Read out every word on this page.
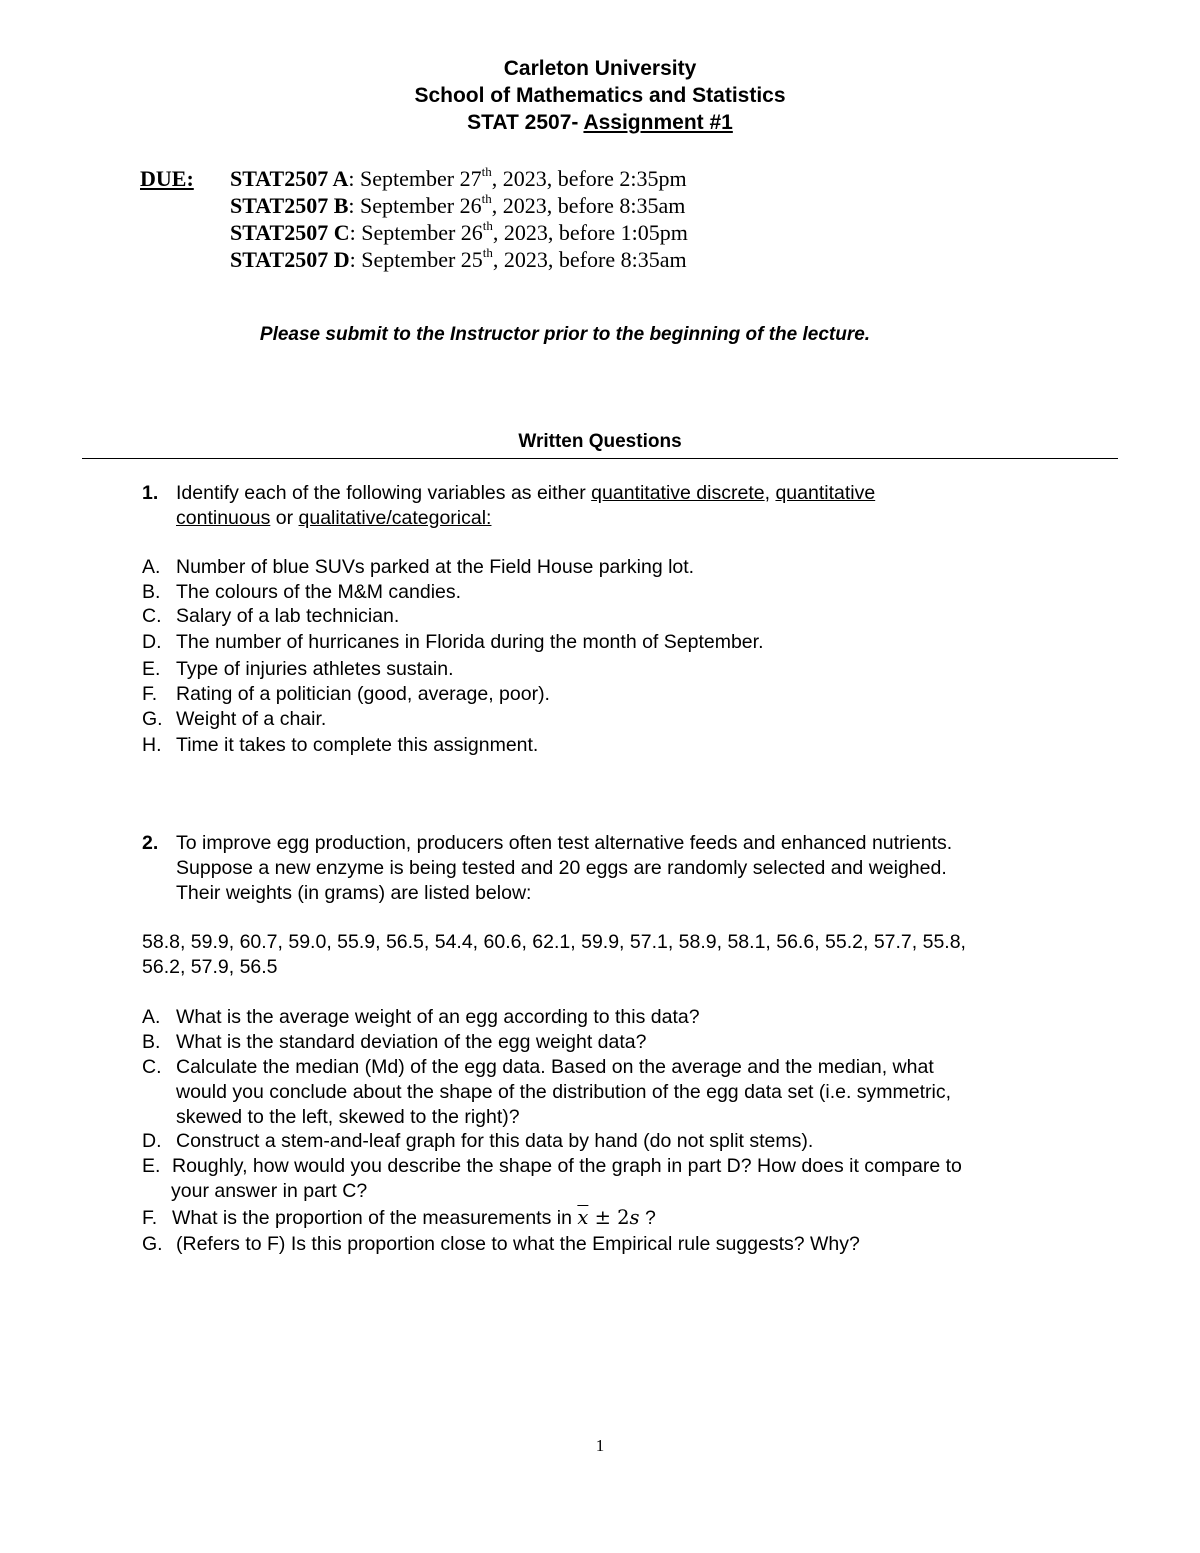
Carleton University
School of Mathematics and Statistics
STAT 2507- Assignment #1
DUE: STAT2507 A: September 27th, 2023, before 2:35pm
STAT2507 B: September 26th, 2023, before 8:35am
STAT2507 C: September 26th, 2023, before 1:05pm
STAT2507 D: September 25th, 2023, before 8:35am
Please submit to the Instructor prior to the beginning of the lecture.
Written Questions
1. Identify each of the following variables as either quantitative discrete, quantitative
continuous or qualitative/categorical:
A. Number of blue SUVs parked at the Field House parking lot.
B. The colours of the M&M candies.
C. Salary of a lab technician.
D. The number of hurricanes in Florida during the month of September.
E. Type of injuries athletes sustain.
F. Rating of a politician (good, average, poor).
G. Weight of a chair.
H. Time it takes to complete this assignment.
2. To improve egg production, producers often test alternative feeds and enhanced nutrients.
Suppose a new enzyme is being tested and 20 eggs are randomly selected and weighed.
Their weights (in grams) are listed below:
58.8, 59.9, 60.7, 59.0, 55.9, 56.5, 54.4, 60.6, 62.1, 59.9, 57.1, 58.9, 58.1, 56.6, 55.2, 57.7, 55.8,
56.2, 57.9, 56.5
A. What is the average weight of an egg according to this data?
B. What is the standard deviation of the egg weight data?
C. Calculate the median (Md) of the egg data. Based on the average and the median, what
would you conclude about the shape of the distribution of the egg data set (i.e. symmetric,
skewed to the left, skewed to the right)?
D. Construct a stem-and-leaf graph for this data by hand (do not split stems).
E. Roughly, how would you describe the shape of the graph in part D? How does it compare to
your answer in part C?
F. What is the proportion of the measurements in $\overline{x} \pm 2s$ ?
G. (Refers to F) Is this proportion close to what the Empirical rule suggests? Why?
1
